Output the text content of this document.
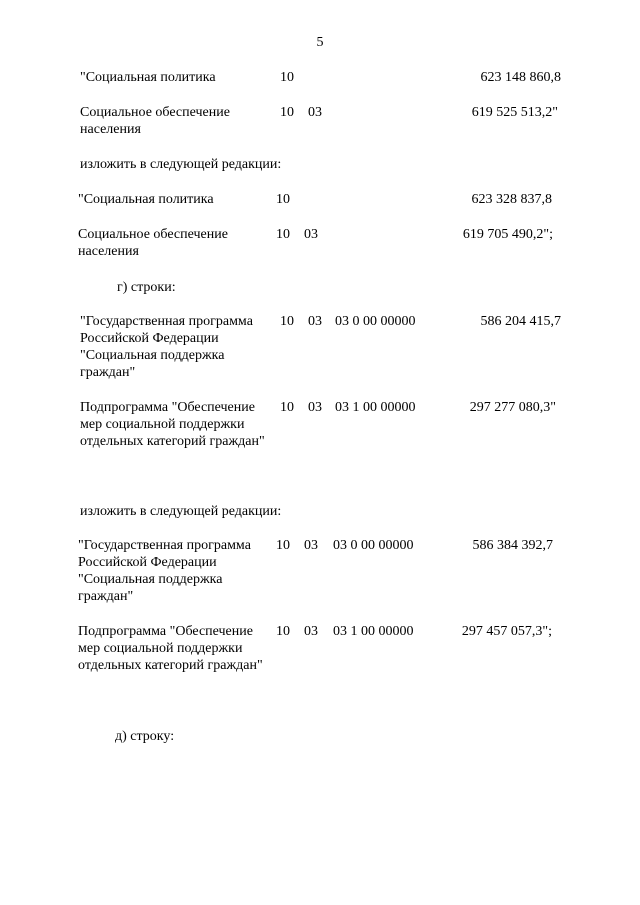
5
"Социальная политика	10	623 148 860,8
Социальное обеспечение населения
10 03	619 525 513,2"
изложить в следующей редакции:
"Социальная политика	10	623 328 837,8
Социальное обеспечение населения
10 03	619 705 490,2";
г) строки:
"Государственная программа Российской Федерации "Социальная поддержка граждан"
10 03 03 0 00 00000	586 204 415,7
Подпрограмма "Обеспечение мер социальной поддержки отдельных категорий граждан"
10 03 03 1 00 00000	297 277 080,3"
изложить в следующей редакции:
"Государственная программа Российской Федерации "Социальная поддержка граждан"
10 03 03 0 00 00000	586 384 392,7
Подпрограмма "Обеспечение мер социальной поддержки отдельных категорий граждан"
10 03 03 1 00 00000	297 457 057,3";
д) строку:
